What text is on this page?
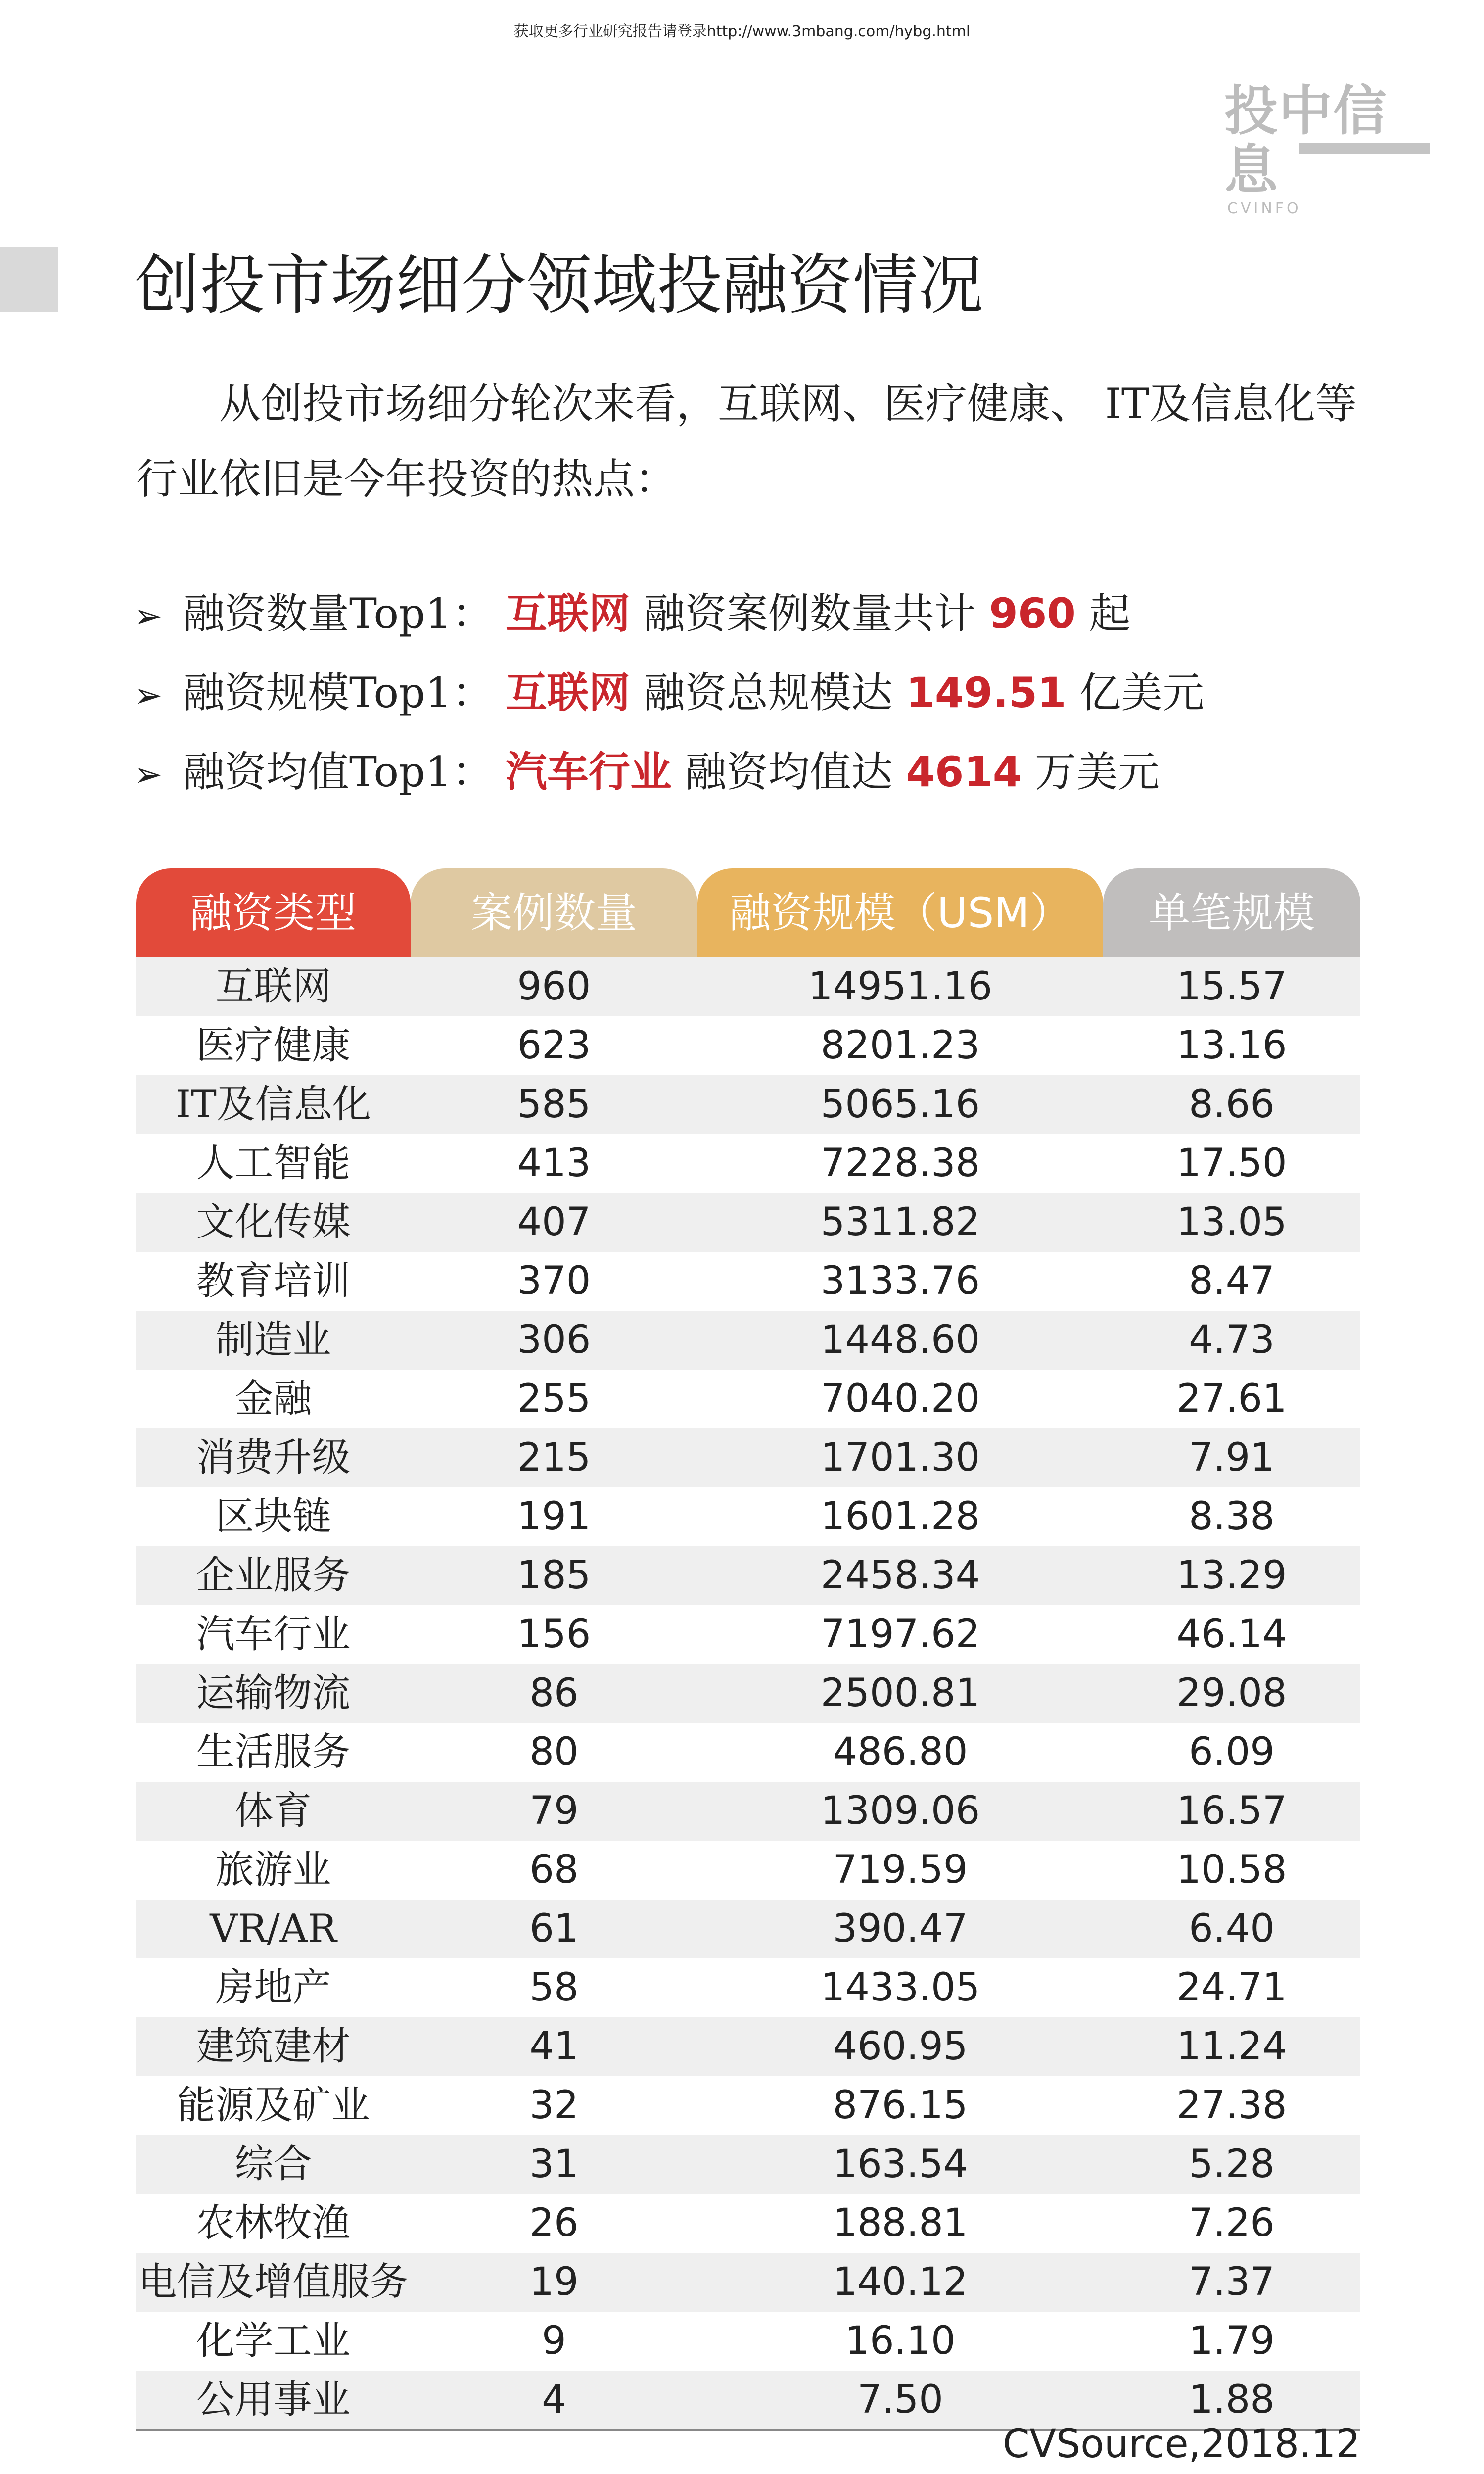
获取更多行业研究报告请登录http://www.3mbang.com/hybg.html
投中信息
CVINFO
创投市场细分领域投融资情况
从创投市场细分轮次来看，互联网、医疗健康、 IT及信息化等行业依旧是今年投资的热点：
➢ 融资数量Top1： 互联网 融资案例数量共计 960 起
➢ 融资规模Top1： 互联网 融资总规模达 149.51 亿美元
➢ 融资均值Top1： 汽车行业 融资均值达 4614 万美元
融资类型	案例数量	融资规模（USM）	单笔规模
互联网	960	14951.16	15.57
医疗健康	623	8201.23	13.16
IT及信息化	585	5065.16	8.66
人工智能	413	7228.38	17.50
文化传媒	407	5311.82	13.05
教育培训	370	3133.76	8.47
制造业	306	1448.60	4.73
金融	255	7040.20	27.61
消费升级	215	1701.30	7.91
区块链	191	1601.28	8.38
企业服务	185	2458.34	13.29
汽车行业	156	7197.62	46.14
运输物流	86	2500.81	29.08
生活服务	80	486.80	6.09
体育	79	1309.06	16.57
旅游业	68	719.59	10.58
VR/AR	61	390.47	6.40
房地产	58	1433.05	24.71
建筑建材	41	460.95	11.24
能源及矿业	32	876.15	27.38
综合	31	163.54	5.28
农林牧渔	26	188.81	7.26
电信及增值服务	19	140.12	7.37
化学工业	9	16.10	1.79
公用事业	4	7.50	1.88
CVSource,2018.12
